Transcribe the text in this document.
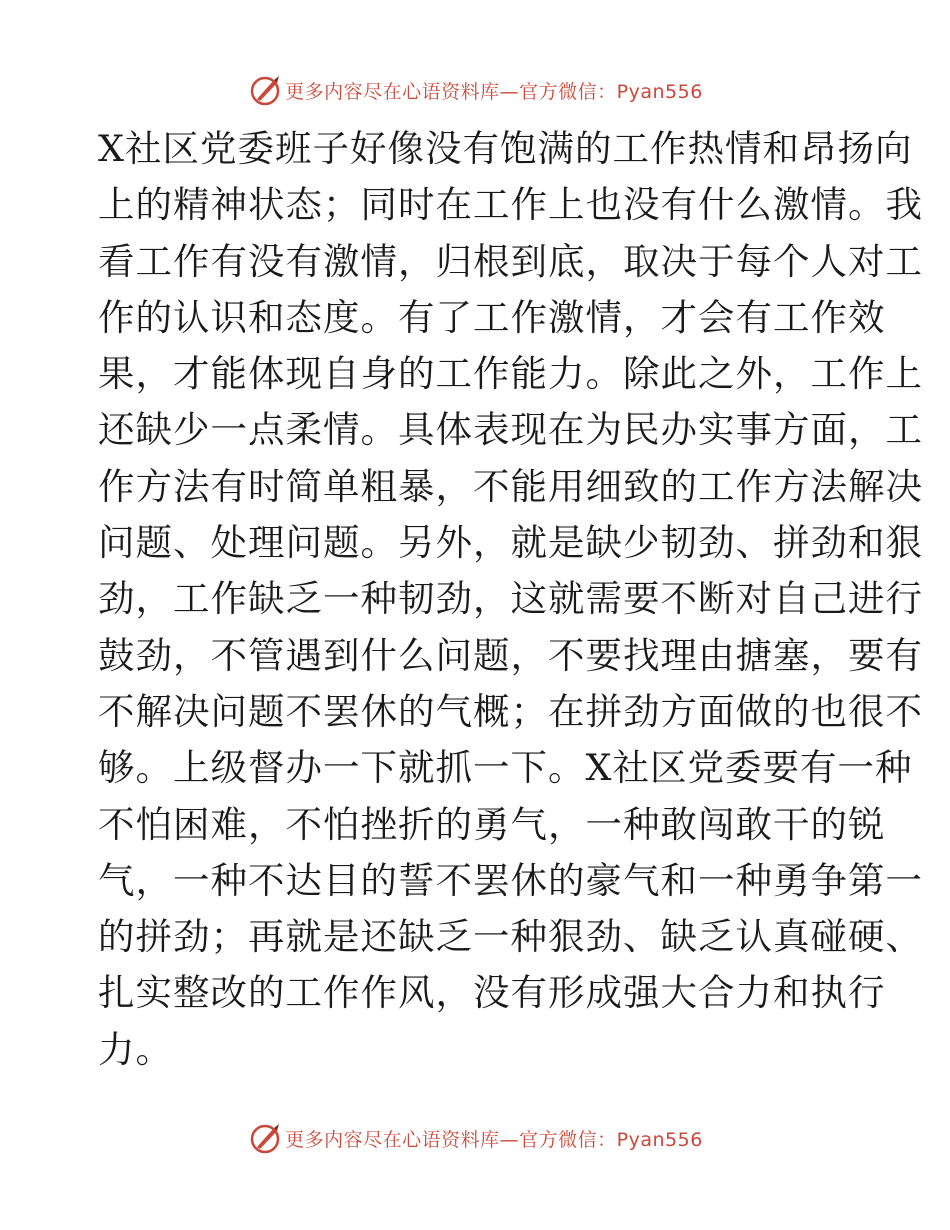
更多内容尽在心语资料库—官方微信：Pyan556
X社区党委班子好像没有饱满的工作热情和昂扬向
上的精神状态；同时在工作上也没有什么激情。我
看工作有没有激情，归根到底，取决于每个人对工
作的认识和态度。有了工作激情，才会有工作效
果，才能体现自身的工作能力。除此之外，工作上
还缺少一点柔情。具体表现在为民办实事方面，工
作方法有时简单粗暴，不能用细致的工作方法解决
问题、处理问题。另外，就是缺少韧劲、拼劲和狠
劲，工作缺乏一种韧劲，这就需要不断对自己进行
鼓劲，不管遇到什么问题，不要找理由搪塞，要有
不解决问题不罢休的气概；在拼劲方面做的也很不
够。上级督办一下就抓一下。X社区党委要有一种
不怕困难，不怕挫折的勇气，一种敢闯敢干的锐
气，一种不达目的誓不罢休的豪气和一种勇争第一
的拼劲；再就是还缺乏一种狠劲、缺乏认真碰硬、
扎实整改的工作作风，没有形成强大合力和执行
力。
更多内容尽在心语资料库—官方微信：Pyan556
